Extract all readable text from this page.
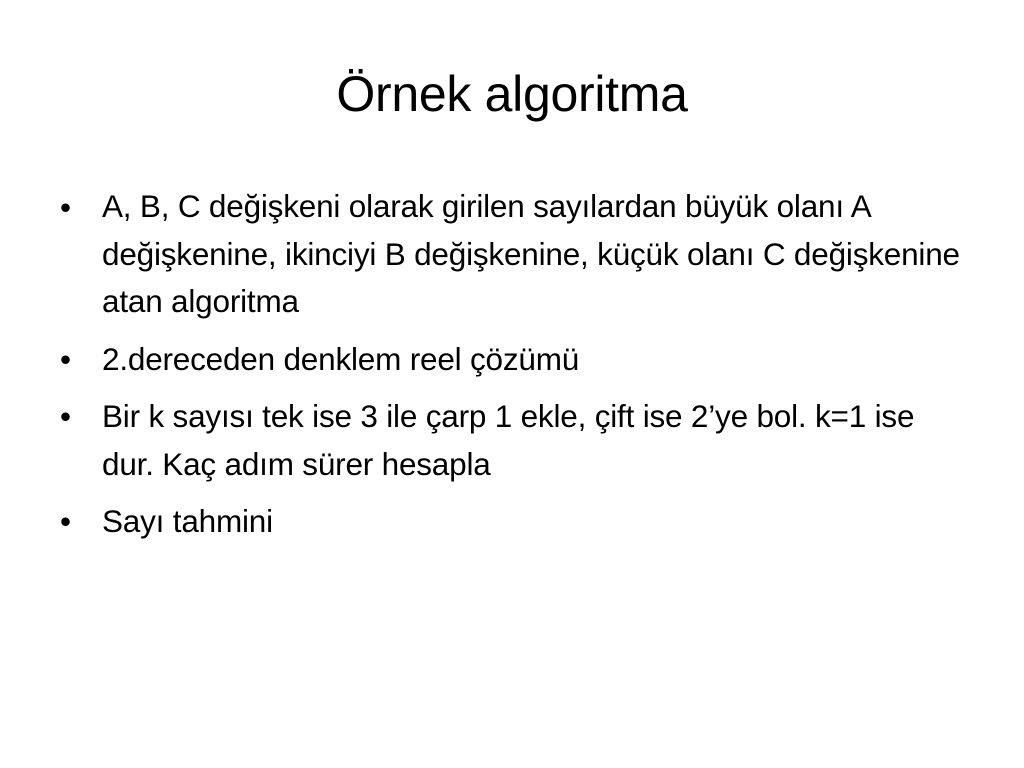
Örnek algoritma
• A, B, C değişkeni olarak girilen sayılardan büyük olanı A değişkenine, ikinciyi B değişkenine, küçük olanı C değişkenine atan algoritma
• 2.dereceden denklem reel çözümü
• Bir k sayısı tek ise 3 ile çarp 1 ekle, çift ise 2’ye bol. k=1 ise dur. Kaç adım sürer hesapla
• Sayı tahmini
